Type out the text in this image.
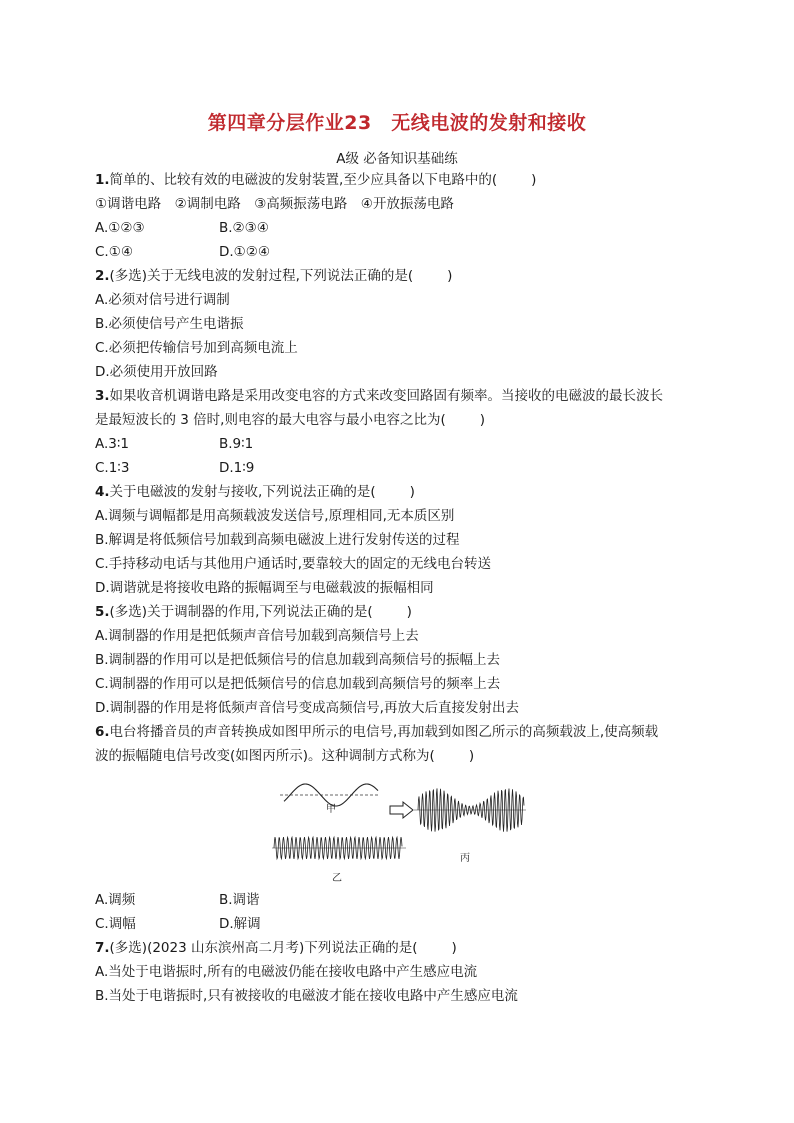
第四章分层作业23　无线电波的发射和接收
A级 必备知识基础练
1.简单的、比较有效的电磁波的发射装置,至少应具备以下电路中的(	)
①调谐电路　②调制电路　③高频振荡电路　④开放振荡电路
A.①②③	B.②③④
C.①④	D.①②④
2.(多选)关于无线电波的发射过程,下列说法正确的是(	)
A.必须对信号进行调制
B.必须使信号产生电谐振
C.必须把传输信号加到高频电流上
D.必须使用开放回路
3.如果收音机调谐电路是采用改变电容的方式来改变回路固有频率。当接收的电磁波的最长波长
是最短波长的 3 倍时,则电容的最大电容与最小电容之比为(	)
A.3∶1	B.9∶1
C.1∶3	D.1∶9
4.关于电磁波的发射与接收,下列说法正确的是(	)
A.调频与调幅都是用高频载波发送信号,原理相同,无本质区别
B.解调是将低频信号加载到高频电磁波上进行发射传送的过程
C.手持移动电话与其他用户通话时,要靠较大的固定的无线电台转送
D.调谐就是将接收电路的振幅调至与电磁载波的振幅相同
5.(多选)关于调制器的作用,下列说法正确的是(	)
A.调制器的作用是把低频声音信号加载到高频信号上去
B.调制器的作用可以是把低频信号的信息加载到高频信号的振幅上去
C.调制器的作用可以是把低频信号的信息加载到高频信号的频率上去
D.调制器的作用是将低频声音信号变成高频信号,再放大后直接发射出去
6.电台将播音员的声音转换成如图甲所示的电信号,再加载到如图乙所示的高频载波上,使高频载
波的振幅随电信号改变(如图丙所示)。这种调制方式称为(	)
甲
丙
乙
A.调频	B.调谐
C.调幅	D.解调
7.(多选)(2023 山东滨州高二月考)下列说法正确的是(	)
A.当处于电谐振时,所有的电磁波仍能在接收电路中产生感应电流
B.当处于电谐振时,只有被接收的电磁波才能在接收电路中产生感应电流
